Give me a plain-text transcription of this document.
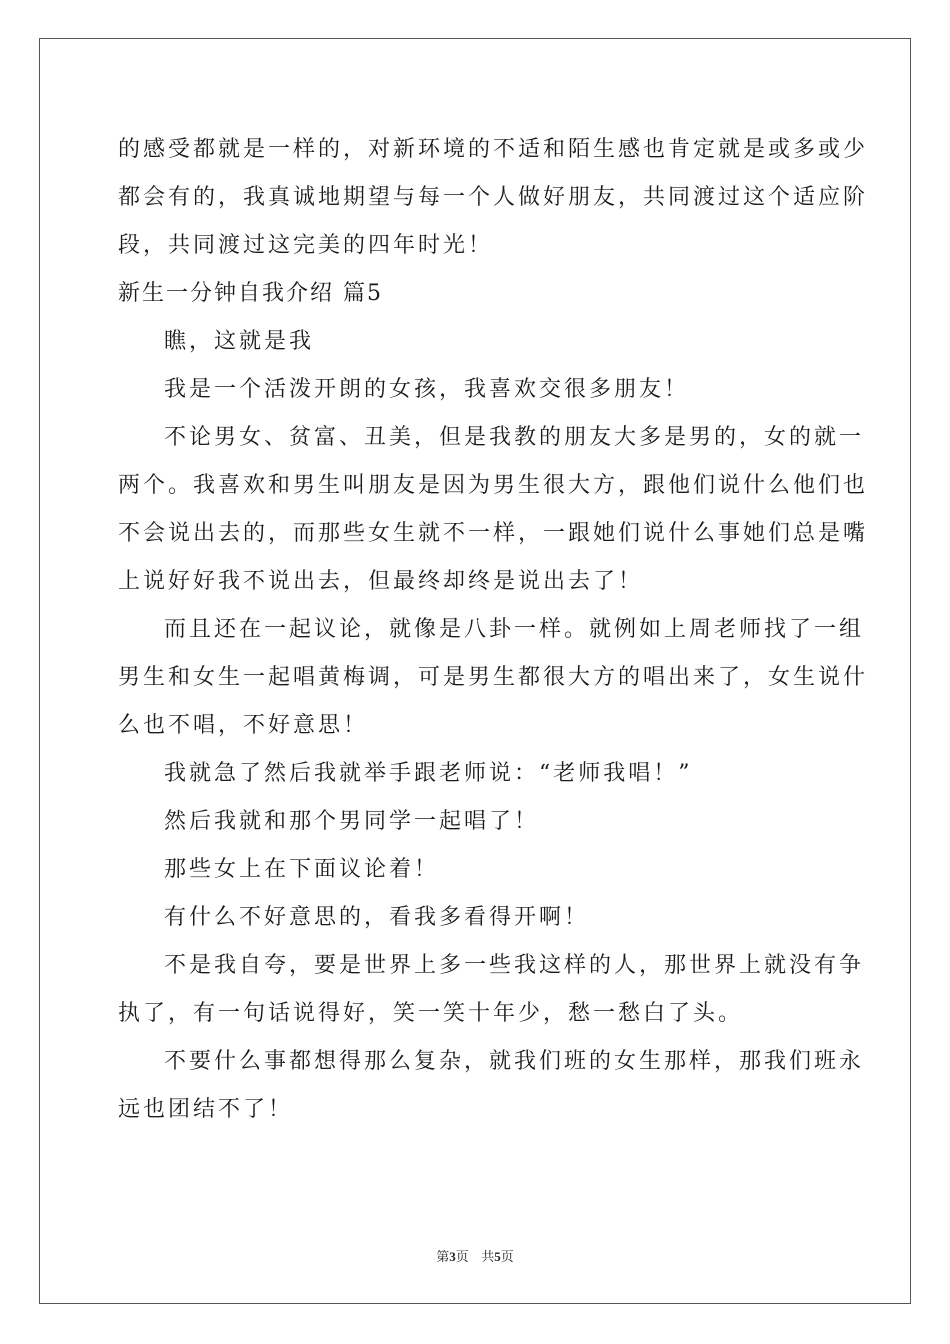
的感受都就是一样的，对新环境的不适和陌生感也肯定就是或多或少
都会有的，我真诚地期望与每一个人做好朋友，共同渡过这个适应阶
段，共同渡过这完美的四年时光！
新生一分钟自我介绍 篇5
瞧，这就是我
我是一个活泼开朗的女孩，我喜欢交很多朋友！
不论男女、贫富、丑美，但是我教的朋友大多是男的，女的就一
两个。我喜欢和男生叫朋友是因为男生很大方，跟他们说什么他们也
不会说出去的，而那些女生就不一样，一跟她们说什么事她们总是嘴
上说好好我不说出去，但最终却终是说出去了！
而且还在一起议论，就像是八卦一样。就例如上周老师找了一组
男生和女生一起唱黄梅调，可是男生都很大方的唱出来了，女生说什
么也不唱，不好意思！
我就急了然后我就举手跟老师说：“老师我唱！”
然后我就和那个男同学一起唱了！
那些女上在下面议论着！
有什么不好意思的，看我多看得开啊！
不是我自夸，要是世界上多一些我这样的人，那世界上就没有争
执了，有一句话说得好，笑一笑十年少，愁一愁白了头。
不要什么事都想得那么复杂，就我们班的女生那样，那我们班永
远也团结不了！
第3页   共5页
